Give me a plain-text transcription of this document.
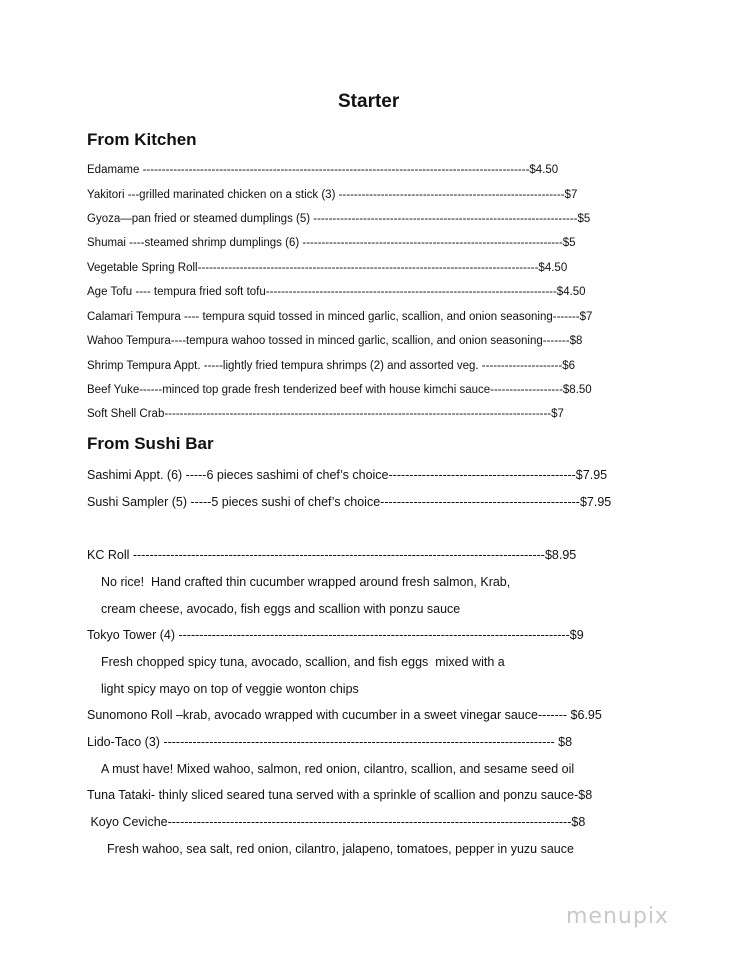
Starter
From Kitchen
Edamame -----------------------------------------------------------------------------------------------------$4.50
Yakitori ---grilled marinated chicken on a stick (3) -----------------------------------------------------------$7
Gyoza—pan fried or steamed dumplings (5) ---------------------------------------------------------------------$5
Shumai ----steamed shrimp dumplings (6) --------------------------------------------------------------------$5
Vegetable Spring Roll-----------------------------------------------------------------------------------------$4.50
Age Tofu ---- tempura fried soft tofu----------------------------------------------------------------------------$4.50
Calamari Tempura ---- tempura squid tossed in minced garlic, scallion, and onion seasoning-------$7
Wahoo Tempura----tempura wahoo tossed in minced garlic, scallion, and onion seasoning-------$8
Shrimp Tempura Appt. -----lightly fried tempura shrimps (2) and assorted veg. ---------------------$6
Beef Yuke------minced top grade fresh tenderized beef with house kimchi sauce-------------------$8.50
Soft Shell Crab-----------------------------------------------------------------------------------------------------$7
From Sushi Bar
Sashimi Appt. (6) -----6 pieces sashimi of chef’s choice---------------------------------------------$7.95
Sushi Sampler (5) -----5 pieces sushi of chef’s choice------------------------------------------------$7.95
KC Roll ---------------------------------------------------------------------------------------------------$8.95
No rice!  Hand crafted thin cucumber wrapped around fresh salmon, Krab,
cream cheese, avocado, fish eggs and scallion with ponzu sauce
Tokyo Tower (4) ----------------------------------------------------------------------------------------------$9
Fresh chopped spicy tuna, avocado, scallion, and fish eggs  mixed with a
light spicy mayo on top of veggie wonton chips
Sunomono Roll –krab, avocado wrapped with cucumber in a sweet vinegar sauce------- $6.95
Lido-Taco (3) ---------------------------------------------------------------------------------------------- $8
A must have! Mixed wahoo, salmon, red onion, cilantro, scallion, and sesame seed oil
Tuna Tataki- thinly sliced seared tuna served with a sprinkle of scallion and ponzu sauce-$8
Koyo Ceviche-------------------------------------------------------------------------------------------------$8
Fresh wahoo, sea salt, red onion, cilantro, jalapeno, tomatoes, pepper in yuzu sauce
menupix
